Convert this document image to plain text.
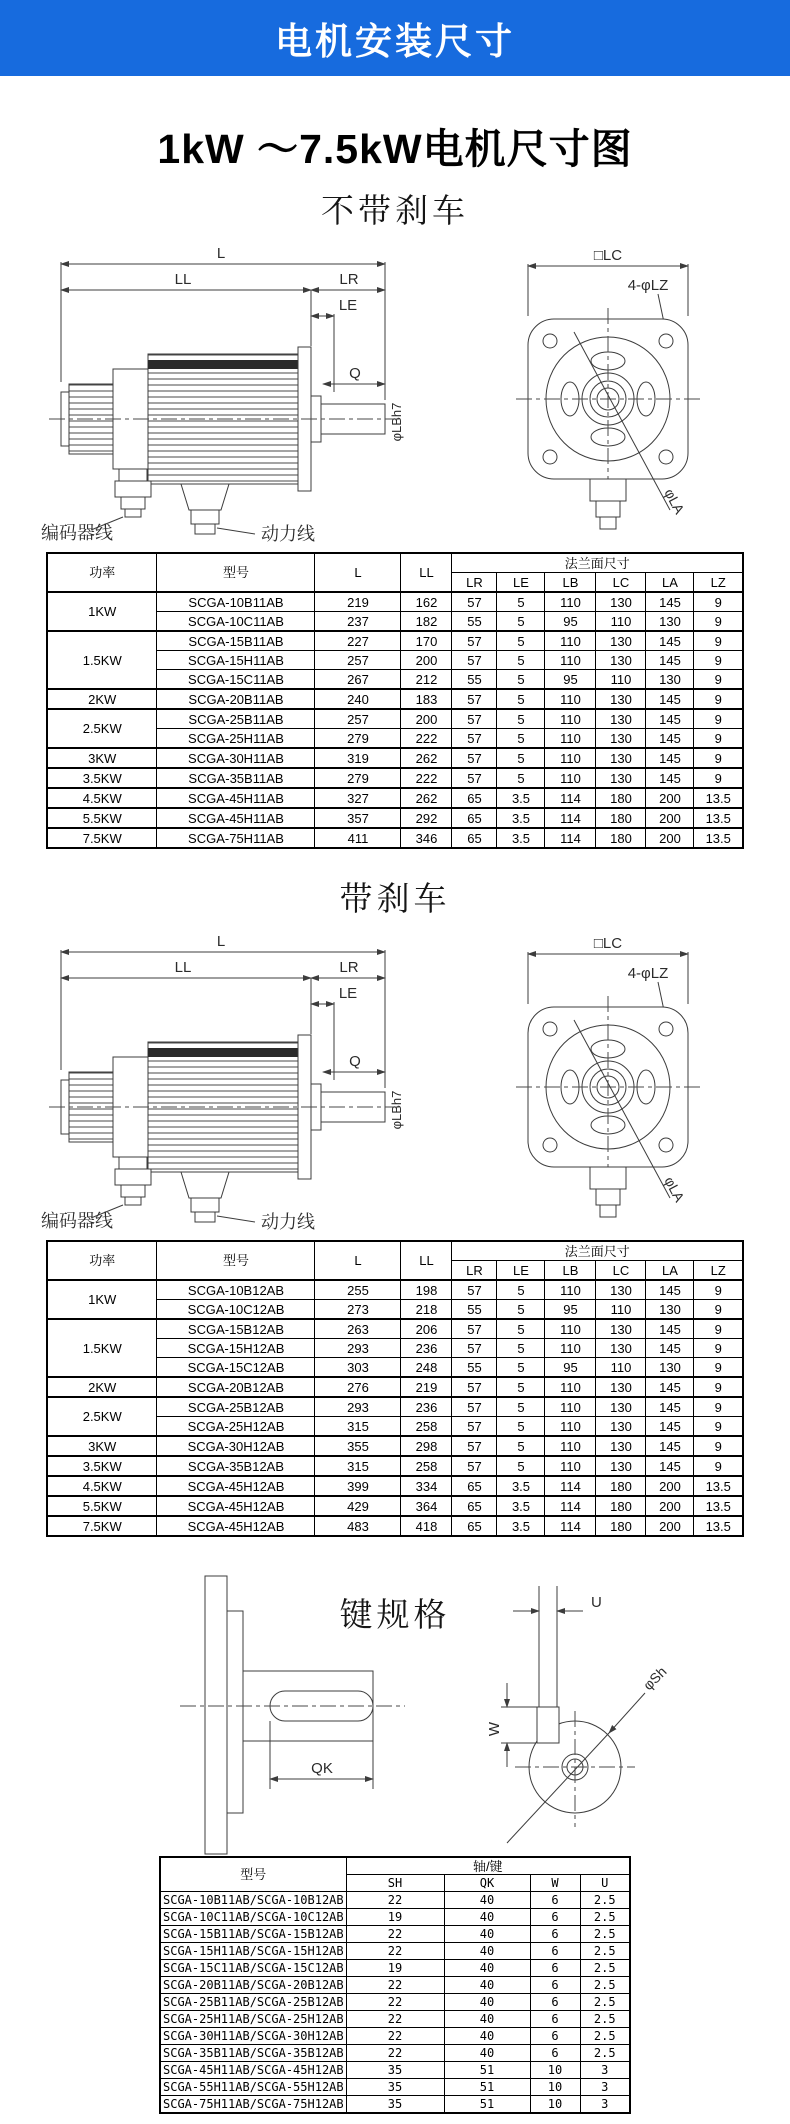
电机安装尺寸
1kW ～7.5kW电机尺寸图
不带刹车
L
LL	LR
LE
Q
φLBh7
编码器线	动力线
□LC
4-φLZ
φLA
功率	型号	L	LL	法兰面尺寸					
				LR	LE	LB	LC	LA	LZ
1KW	SCGA-10B11AB	219	162	57	5	110	130	145	9
	SCGA-10C11AB	237	182	55	5	95	110	130	9
1.5KW	SCGA-15B11AB	227	170	57	5	110	130	145	9
	SCGA-15H11AB	257	200	57	5	110	130	145	9
	SCGA-15C11AB	267	212	55	5	95	110	130	9
2KW	SCGA-20B11AB	240	183	57	5	110	130	145	9
2.5KW	SCGA-25B11AB	257	200	57	5	110	130	145	9
	SCGA-25H11AB	279	222	57	5	110	130	145	9
3KW	SCGA-30H11AB	319	262	57	5	110	130	145	9
3.5KW	SCGA-35B11AB	279	222	57	5	110	130	145	9
4.5KW	SCGA-45H11AB	327	262	65	3.5	114	180	200	13.5
5.5KW	SCGA-45H11AB	357	292	65	3.5	114	180	200	13.5
7.5KW	SCGA-75H11AB	411	346	65	3.5	114	180	200	13.5
带刹车
L
LL	LR
LE
Q
φLBh7
编码器线	动力线
□LC
4-φLZ
φLA
功率	型号	L	LL	法兰面尺寸					
				LR	LE	LB	LC	LA	LZ
1KW	SCGA-10B12AB	255	198	57	5	110	130	145	9
	SCGA-10C12AB	273	218	55	5	95	110	130	9
1.5KW	SCGA-15B12AB	263	206	57	5	110	130	145	9
	SCGA-15H12AB	293	236	57	5	110	130	145	9
	SCGA-15C12AB	303	248	55	5	95	110	130	9
2KW	SCGA-20B12AB	276	219	57	5	110	130	145	9
2.5KW	SCGA-25B12AB	293	236	57	5	110	130	145	9
	SCGA-25H12AB	315	258	57	5	110	130	145	9
3KW	SCGA-30H12AB	355	298	57	5	110	130	145	9
3.5KW	SCGA-35B12AB	315	258	57	5	110	130	145	9
4.5KW	SCGA-45H12AB	399	334	65	3.5	114	180	200	13.5
5.5KW	SCGA-45H12AB	429	364	65	3.5	114	180	200	13.5
7.5KW	SCGA-45H12AB	483	418	65	3.5	114	180	200	13.5
键规格
QK
U
W
φSh
型号	轴/键			
	SH	QK	W	U
SCGA-10B11AB/SCGA-10B12AB	22	40	6	2.5
SCGA-10C11AB/SCGA-10C12AB	19	40	6	2.5
SCGA-15B11AB/SCGA-15B12AB	22	40	6	2.5
SCGA-15H11AB/SCGA-15H12AB	22	40	6	2.5
SCGA-15C11AB/SCGA-15C12AB	19	40	6	2.5
SCGA-20B11AB/SCGA-20B12AB	22	40	6	2.5
SCGA-25B11AB/SCGA-25B12AB	22	40	6	2.5
SCGA-25H11AB/SCGA-25H12AB	22	40	6	2.5
SCGA-30H11AB/SCGA-30H12AB	22	40	6	2.5
SCGA-35B11AB/SCGA-35B12AB	22	40	6	2.5
SCGA-45H11AB/SCGA-45H12AB	35	51	10	3
SCGA-55H11AB/SCGA-55H12AB	35	51	10	3
SCGA-75H11AB/SCGA-75H12AB	35	51	10	3
